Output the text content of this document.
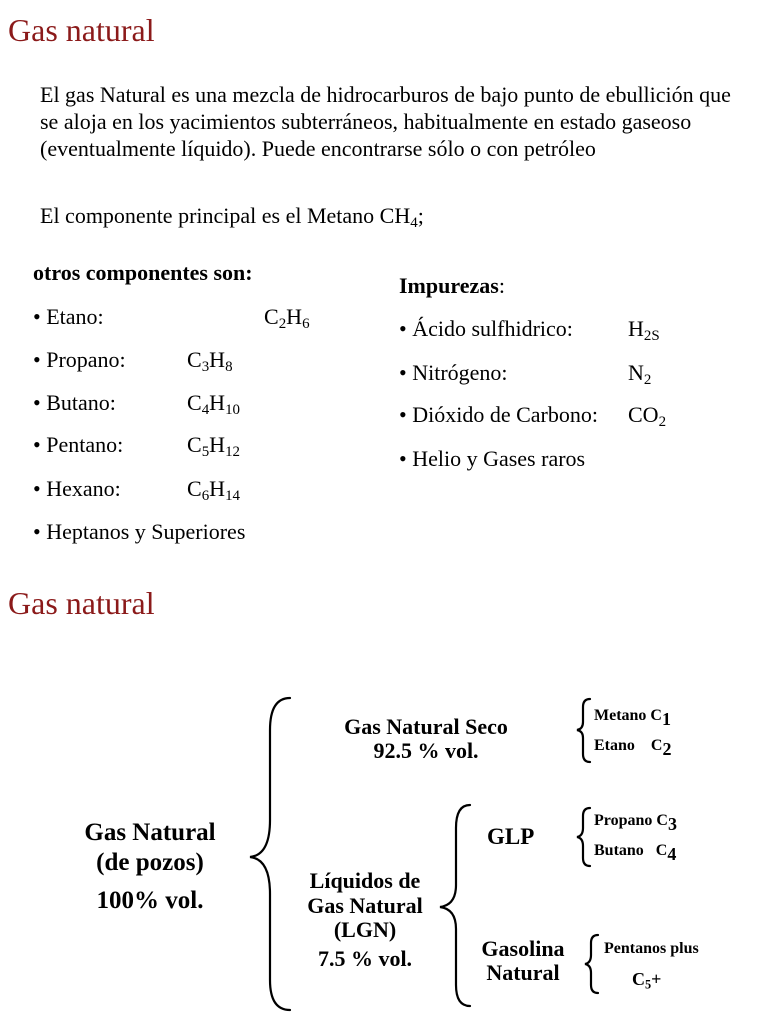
Gas natural
El gas Natural es una mezcla de hidrocarburos de bajo punto de ebullición que se aloja en los yacimientos subterráneos, habitualmente en estado gaseoso (eventualmente líquido). Puede encontrarse sólo o con petróleo
El componente principal es el Metano $CH_4$;
otros componentes son:
• Etano:	$C_2H_6$
• Propano:	$C_3H_8$
• Butano:	$C_4H_{10}$
• Pentano:	$C_5H_{12}$
• Hexano:	$C_6H_{14}$
• Heptanos y Superiores
Impurezas:
• Ácido sulfhidrico:	$H_{2S}$
• Nitrógeno:	$N_2$
• Dióxido de Carbono: $CO_2$
• Helio y Gases raros
Gas natural
Gas Natural
(de pozos)
100% vol.
Gas Natural Seco
92.5 % vol.
Metano $C_1$
Etano    $C_2$
Líquidos de
Gas Natural
(LGN)
7.5 % vol.
GLP
Propano $C_3$
Butano   $C_4$
Gasolina
Natural
Pentanos plus
$C_5+$
